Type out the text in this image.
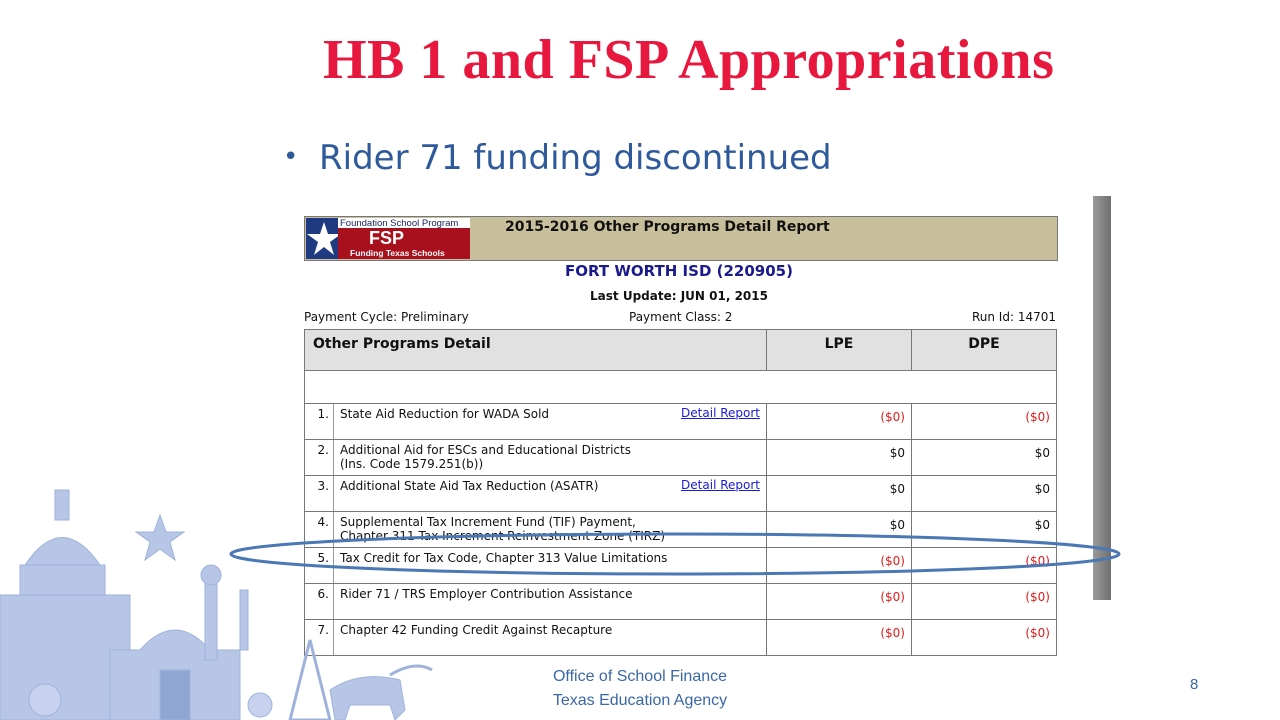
HB 1 and FSP Appropriations
• Rider 71 funding discontinued
Foundation School Program
FSP
Funding Texas Schools
2015-2016 Other Programs Detail Report
FORT WORTH ISD (220905)
Last Update: JUN 01, 2015
Payment Cycle: Preliminary	Payment Class: 2	Run Id: 14701
Other Programs Detail		LPE	DPE

1.	State Aid Reduction for WADA Sold Detail Report	($0)	($0)
2.	Additional Aid for ESCs and Educational Districts
(Ins. Code 1579.251(b))	$0	$0
3.	Additional State Aid Tax Reduction (ASATR) Detail Report	$0	$0
4.	Supplemental Tax Increment Fund (TIF) Payment,
Chapter 311 Tax Increment Reinvestment Zone (TIRZ)	$0	$0
5.	Tax Credit for Tax Code, Chapter 313 Value Limitations	($0)	($0)
6.	Rider 71 / TRS Employer Contribution Assistance	($0)	($0)
7.	Chapter 42 Funding Credit Against Recapture	($0)	($0)
Office of School Finance
Texas Education Agency
8
